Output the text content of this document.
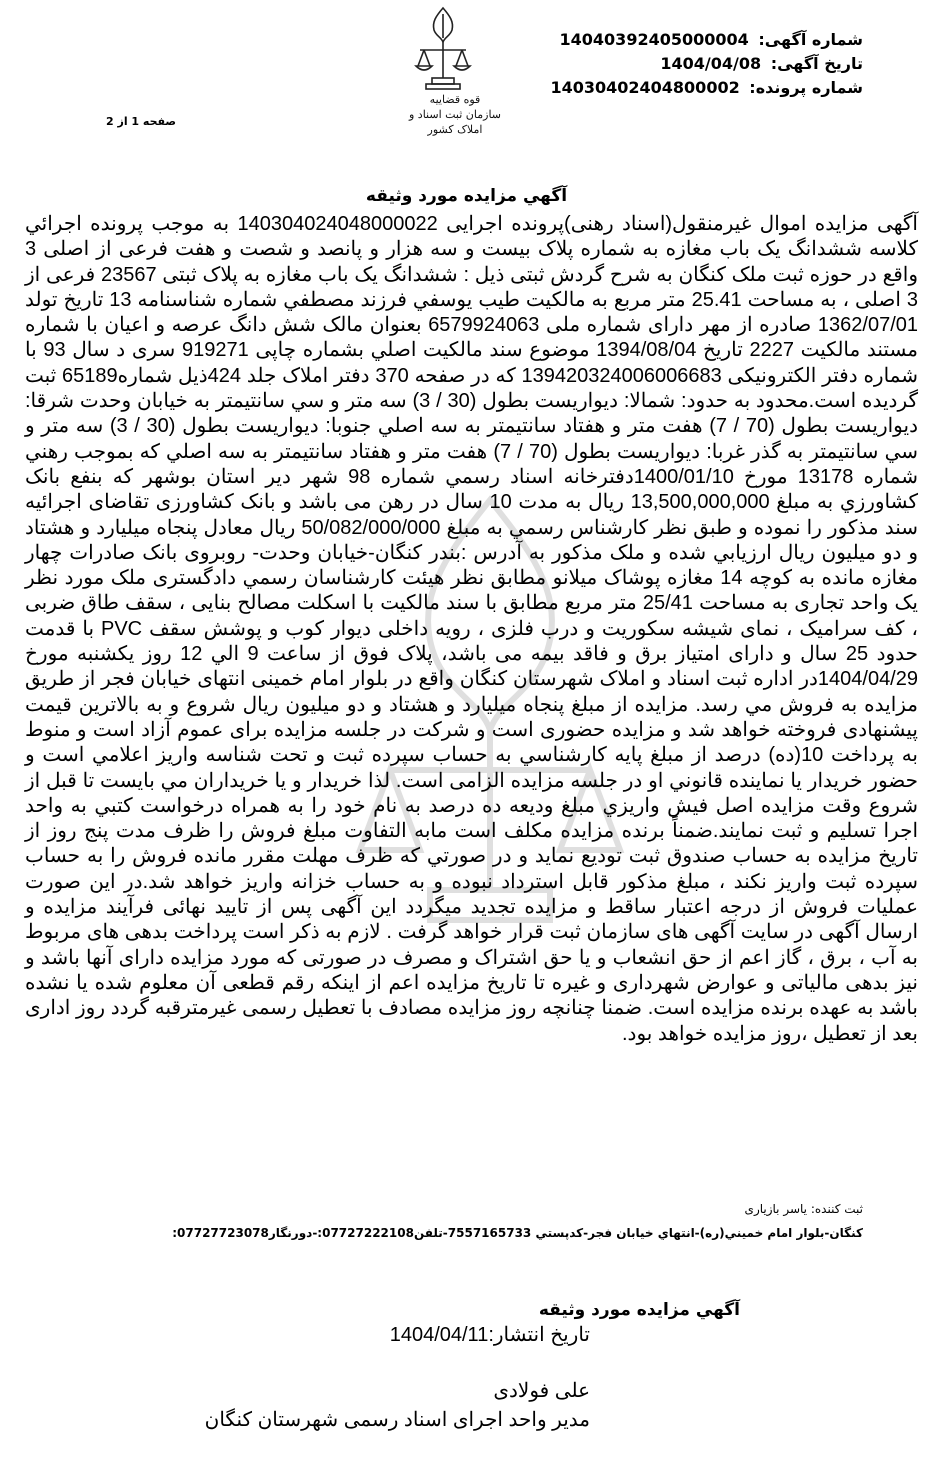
قوه قضاییه
سازمان ثبت اسناد و املاک کشور
شماره آگهی: 14040392405000004
تاریخ آگهی: 1404/04/08
شماره پرونده: 14030402404800002
صفحه 1 از 2
آگهي مزايده مورد وثيقه
آگهی مزایده اموال غیرمنقول(اسناد رهنی)پرونده اجرایی 140304024048000022 به موجب پرونده اجرائي كلاسه ششدانگ یک باب مغازه به شماره پلاک بیست و سه هزار و پانصد و شصت و هفت فرعی از اصلی 3 واقع در حوزه ثبت ملک کنگان به شرح گردش ثبتی ذیل : ششدانگ یک باب مغازه به پلاک ثبتی 23567 فرعی از 3 اصلی ، به مساحت 25.41 متر مربع به مالکیت طیب یوسفي فرزند مصطفي شماره شناسنامه 13 تاریخ تولد 1362/07/01 صادره از مهر دارای شماره ملی 6579924063 بعنوان مالک شش دانگ عرصه و اعیان با شماره مستند مالکیت 2227 تاریخ 1394/08/04 موضوع سند مالکیت اصلي بشماره چاپی 919271 سری د سال 93 با شماره دفتر الکترونیکی 139420324006006683 که در صفحه 370 دفتر املاک جلد 424ذیل شماره65189 ثبت گردیده است.محدود به حدود: شمالا: دیواریست بطول (30 / 3) سه متر و سي سانتيمتر به خیابان وحدت شرقا: دیواریست بطول (70 / 7) هفت متر و هفتاد سانتيمتر به سه اصلي جنوبا: دیواریست بطول (30 / 3) سه متر و سي سانتيمتر به گذر غربا: دیواریست بطول (70 / 7) هفت متر و هفتاد سانتيمتر به سه اصلي که بموجب رهني شماره 13178 مورخ 1400/01/10دفترخانه اسناد رسمي شماره 98 شهر دیر استان بوشهر که بنفع بانک کشاورزي به مبلغ 13,500,000,000 ریال به مدت 10 سال در رهن می باشد و بانک کشاورزی تقاضای اجرائیه سند مذکور را نموده و طبق نظر کارشناس رسمي به مبلغ 50/082/000/000 ریال معادل پنجاه میلیارد و هشتاد و دو میلیون ریال ارزیابي شده و ملک مذکور به آدرس :بندر کنگان-خیابان وحدت- روبروی بانک صادرات چهار مغازه مانده به کوچه 14 مغازه پوشاک میلانو مطابق نظر هیئت کارشناسان رسمي دادگستری ملک مورد نظر یک واحد تجاری به مساحت 25/41 متر مربع مطابق با سند مالکیت با اسکلت مصالح بنایی ، سقف طاق ضربی ، کف سرامیک ، نمای شیشه سکوریت و درب فلزی ، رویه داخلی دیوار کوب و پوشش سقف PVC با قدمت حدود 25 سال و دارای امتیاز برق و فاقد بیمه می باشد، پلاک فوق از ساعت 9 الي 12 روز یکشنبه مورخ 1404/04/29در اداره ثبت اسناد و املاک شهرستان کنگان واقع در بلوار امام خمینی انتهای خیابان فجر از طريق مزايده به فروش مي رسد. مزایده از مبلغ پنجاه میلیارد و هشتاد و دو میلیون ریال شروع و به بالاترين قيمت پيشنهادی فروخته خواهد شد و مزایده حضوری است و شرکت در جلسه مزایده برای عموم آزاد است و منوط به پرداخت 10(ده) درصد از مبلغ پایه کارشناسي به حساب سپرده ثبت و تحت شناسه واریز اعلامي است و حضور خریدار یا نماینده قانوني او در جلسه مزایده الزامی است. لذا خریدار و یا خریداران مي بایست تا قبل از شروع وقت مزایده اصل فیش واریزي مبلغ ودیعه ده درصد به نام خود را به همراه درخواست کتبي به واحد اجرا تسلیم و ثبت نمایند.ضمناً برنده مزایده مکلف است مابه التفاوت مبلغ فروش را ظرف مدت پنج روز از تاریخ مزایده به حساب صندوق ثبت تودیع نماید و در صورتي که ظرف مهلت مقرر مانده فروش را به حساب سپرده ثبت واریز نکند ، مبلغ مذکور قابل استرداد نبوده و به حساب خزانه واریز خواهد شد.در این صورت عملیات فروش از درجه اعتبار ساقط و مزایده تجدید میگردد این آگهی پس از تایید نهائی فرآیند مزایده و ارسال آگهی در سایت آگهی های سازمان ثبت قرار خواهد گرفت . لازم به ذکر است پرداخت بدهی های مربوط به آب ، برق ، گاز اعم از حق انشعاب و یا حق اشتراک و مصرف در صورتی که مورد مزایده دارای آنها باشد و نیز بدهی مالیاتی و عوارض شهرداری و غیره تا تاریخ مزایده اعم از اینکه رقم قطعی آن معلوم شده یا نشده باشد به عهده برنده مزایده است. ضمنا چنانچه روز مزایده مصادف با تعطیل رسمی غیرمترقبه گردد روز اداری بعد از تعطیل ،روز مزایده خواهد بود.
ثبت کننده: یاسر بازیاری
کنگان-بلوار امام خميني(ره)-انتهاي خيابان فجر-کدپستي 7557165733-تلفن07727222108:-دورنگار07727723078:
آگهي مزايده مورد وثيقه
تاریخ انتشار:1404/04/11
علی فولادی
مدیر واحد اجرای اسناد رسمی شهرستان کنگان
